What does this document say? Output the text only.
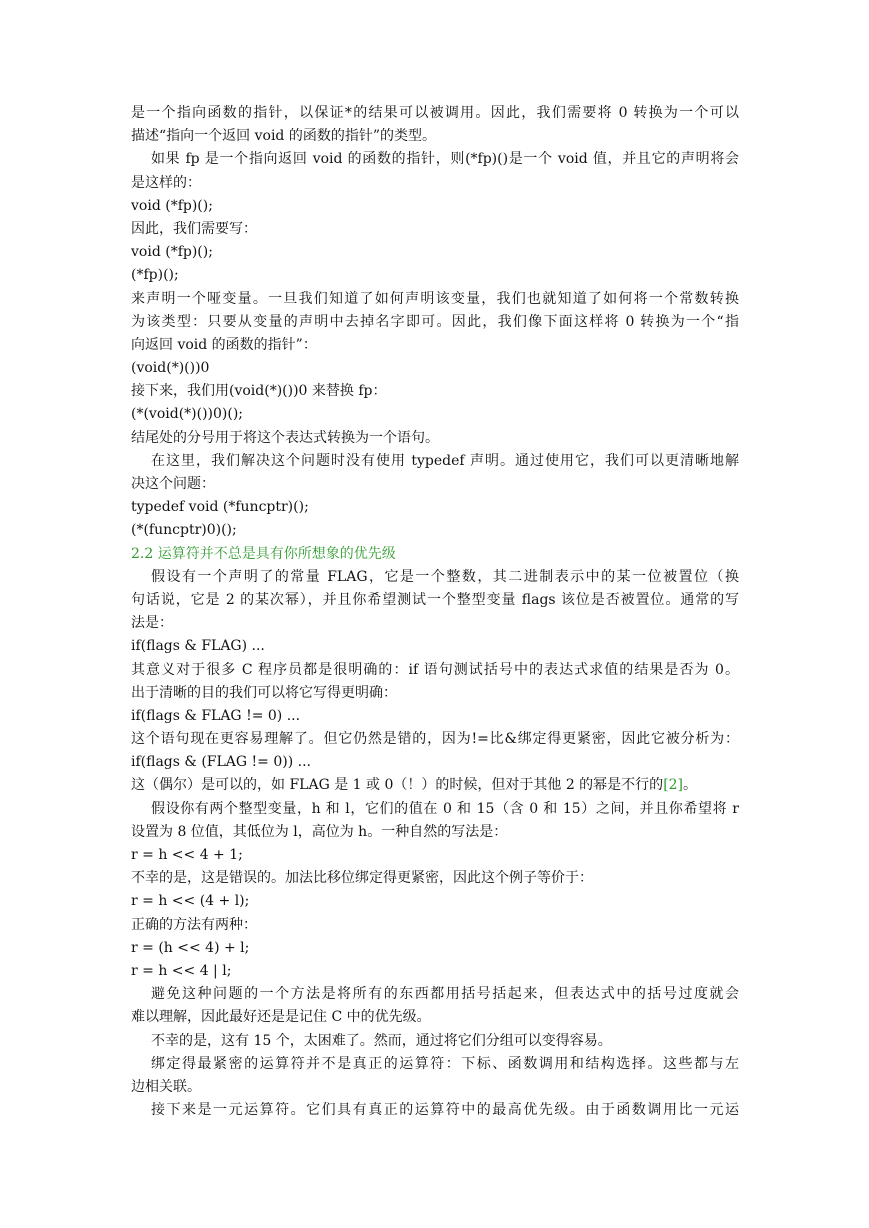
是一个指向函数的指针，以保证*的结果可以被调用。因此，我们需要将 0 转换为一个可以
描述“指向一个返回 void 的函数的指针”的类型。
如果 fp 是一个指向返回 void 的函数的指针，则(*fp)()是一个 void 值，并且它的声明将会
是这样的：
void (*fp)();
因此，我们需要写：
void (*fp)();
(*fp)();
来声明一个哑变量。一旦我们知道了如何声明该变量，我们也就知道了如何将一个常数转换
为该类型：只要从变量的声明中去掉名字即可。因此，我们像下面这样将 0 转换为一个“指
向返回 void 的函数的指针”：
(void(*)())0
接下来，我们用(void(*)())0 来替换 fp：
(*(void(*)())0)();
结尾处的分号用于将这个表达式转换为一个语句。
在这里，我们解决这个问题时没有使用 typedef 声明。通过使用它，我们可以更清晰地解
决这个问题：
typedef void (*funcptr)();
(*(funcptr)0)();
2.2 运算符并不总是具有你所想象的优先级
假设有一个声明了的常量 FLAG，它是一个整数，其二进制表示中的某一位被置位（换
句话说，它是 2 的某次幂），并且你希望测试一个整型变量 flags 该位是否被置位。通常的写
法是：
if(flags & FLAG) ...
其意义对于很多 C 程序员都是很明确的：if 语句测试括号中的表达式求值的结果是否为 0。
出于清晰的目的我们可以将它写得更明确：
if(flags & FLAG != 0) ...
这个语句现在更容易理解了。但它仍然是错的，因为!=比&绑定得更紧密，因此它被分析为：
if(flags & (FLAG != 0)) ...
这（偶尔）是可以的，如 FLAG 是 1 或 0（！）的时候，但对于其他 2 的幂是不行的[2]。
假设你有两个整型变量，h 和 l，它们的值在 0 和 15（含 0 和 15）之间，并且你希望将 r
设置为 8 位值，其低位为 l，高位为 h。一种自然的写法是：
r = h << 4 + 1;
不幸的是，这是错误的。加法比移位绑定得更紧密，因此这个例子等价于：
r = h << (4 + l);
正确的方法有两种：
r = (h << 4) + l;
r = h << 4 | l;
避免这种问题的一个方法是将所有的东西都用括号括起来，但表达式中的括号过度就会
难以理解，因此最好还是是记住 C 中的优先级。
不幸的是，这有 15 个，太困难了。然而，通过将它们分组可以变得容易。
绑定得最紧密的运算符并不是真正的运算符：下标、函数调用和结构选择。这些都与左
边相关联。
接下来是一元运算符。它们具有真正的运算符中的最高优先级。由于函数调用比一元运
